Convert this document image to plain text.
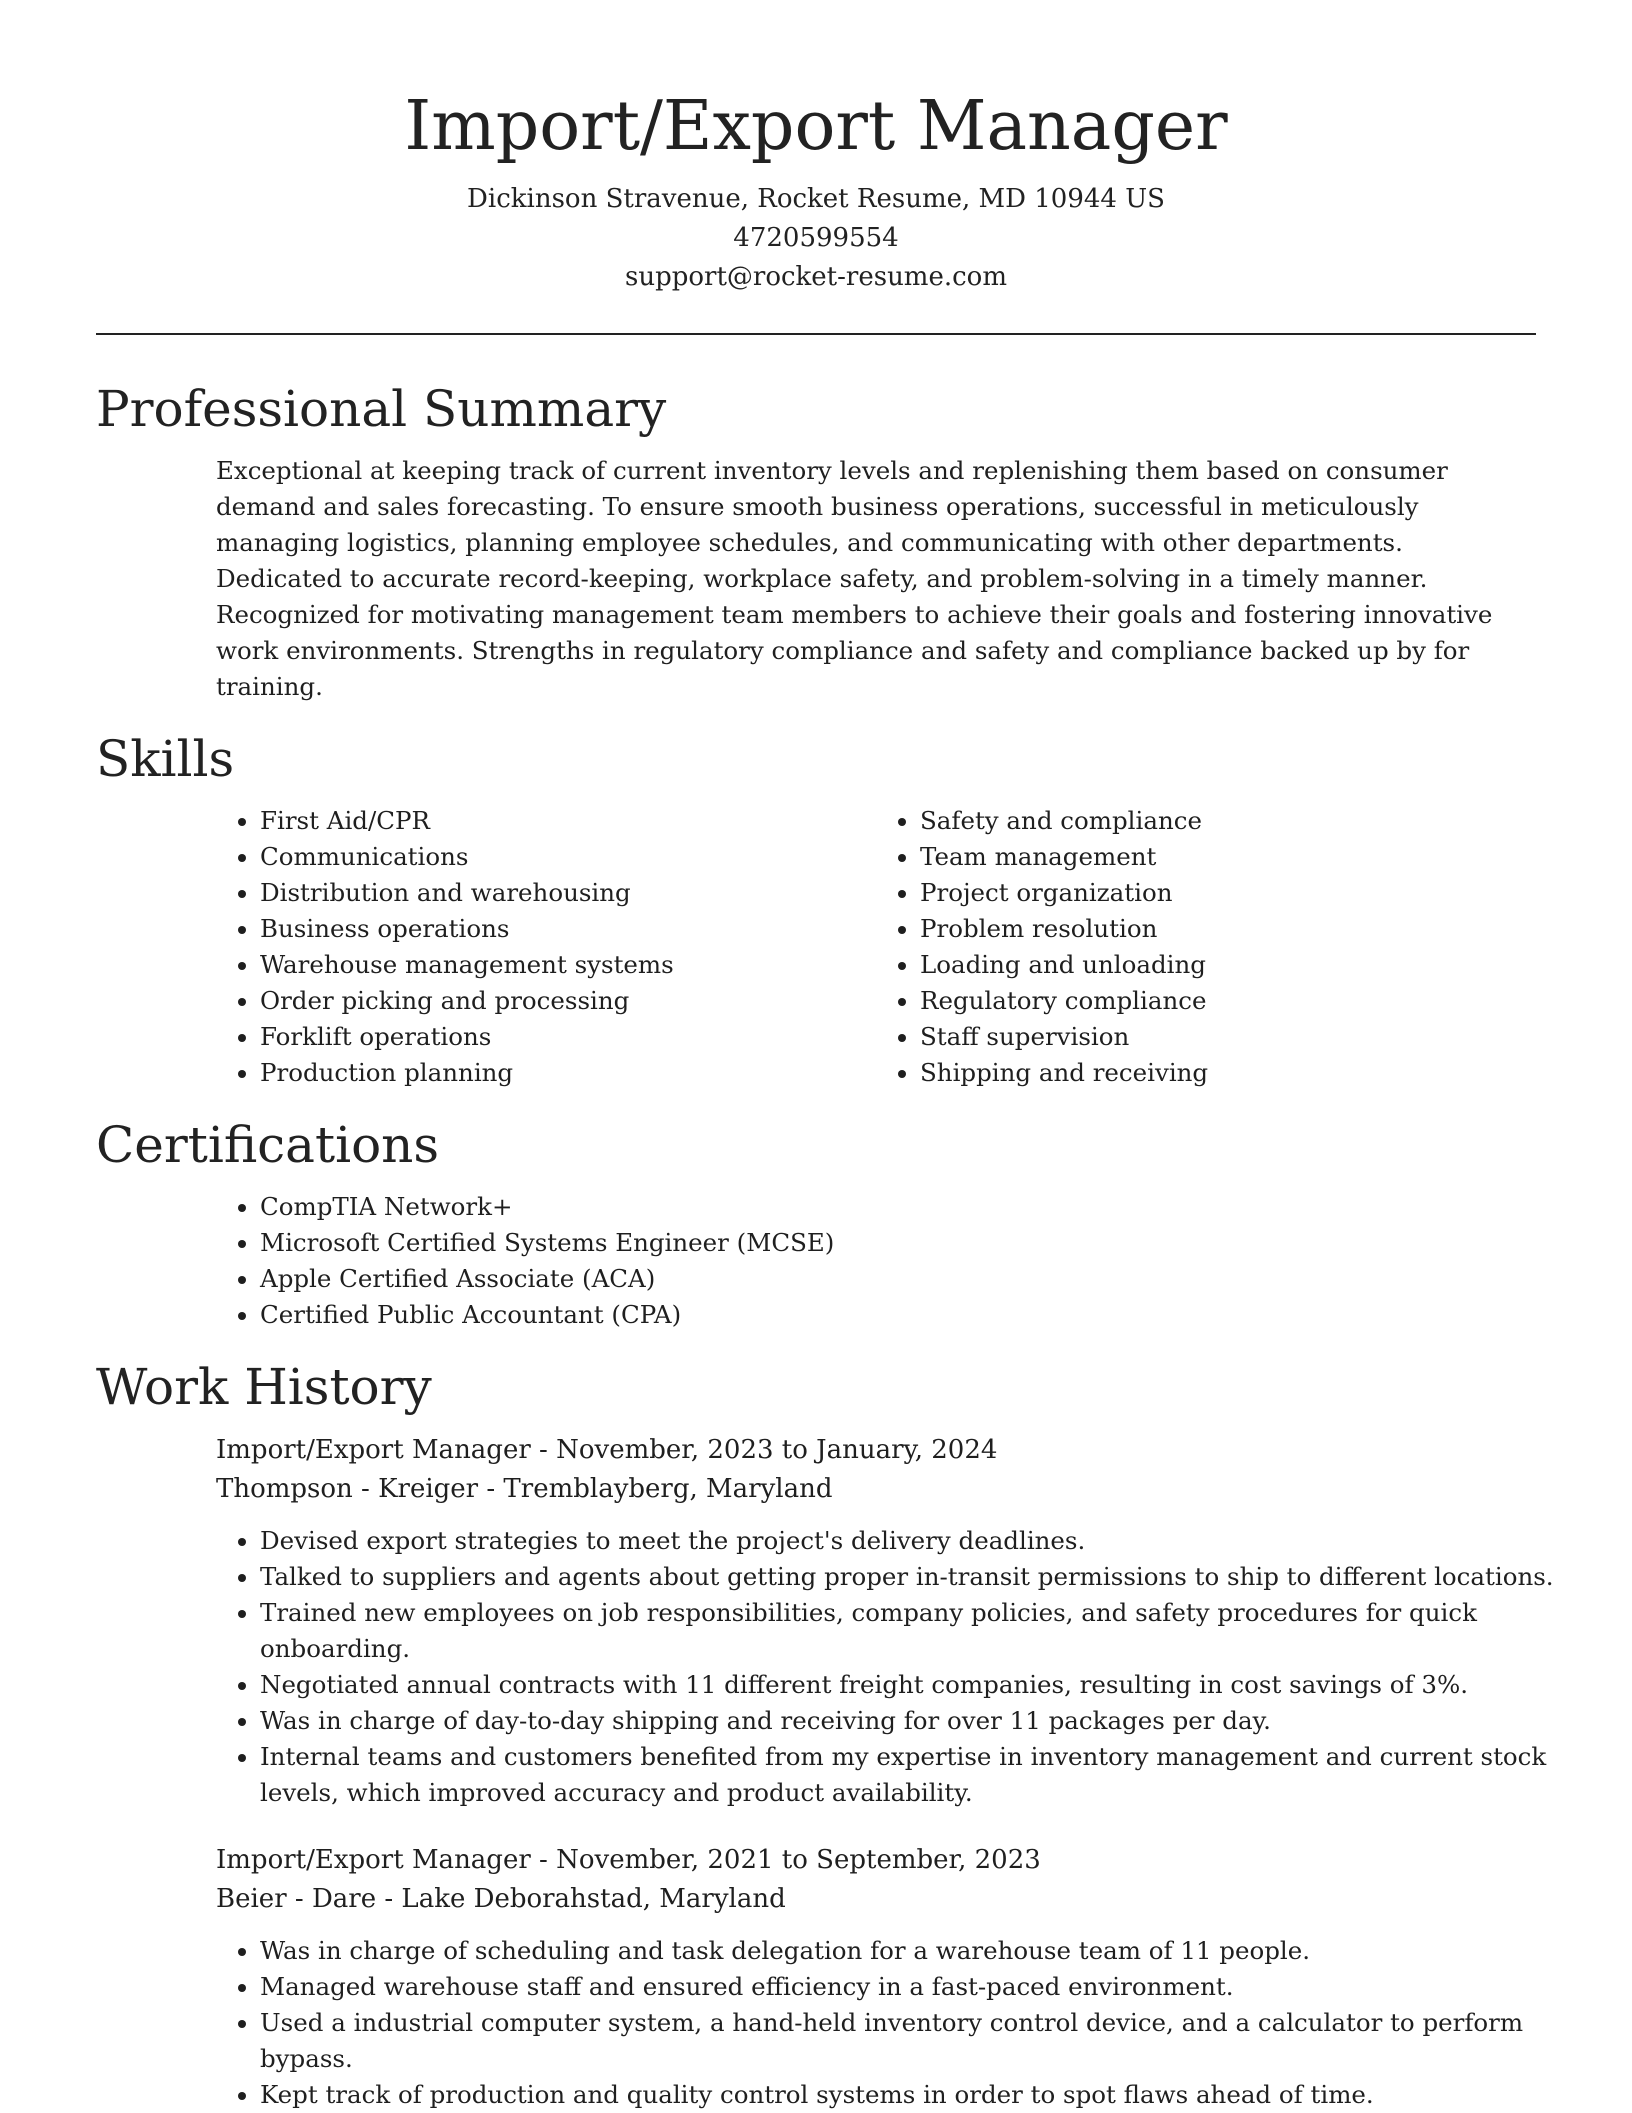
Import/Export Manager
Dickinson Stravenue, Rocket Resume, MD 10944 US
4720599554
support@rocket-resume.com
Professional Summary

Exceptional at keeping track of current inventory levels and replenishing them based on consumer demand and sales forecasting. To ensure smooth business operations, successful in meticulously managing logistics, planning employee schedules, and communicating with other departments. Dedicated to accurate record-keeping, workplace safety, and problem-solving in a timely manner. Recognized for motivating management team members to achieve their goals and fostering innovative work environments. Strengths in regulatory compliance and safety and compliance backed up by for training.

Skills
• First Aid/CPR
• Communications
• Distribution and warehousing
• Business operations
• Warehouse management systems
• Order picking and processing
• Forklift operations
• Production planning
• Safety and compliance
• Team management
• Project organization
• Problem resolution
• Loading and unloading
• Regulatory compliance
• Staff supervision
• Shipping and receiving
Certifications
• CompTIA Network+
• Microsoft Certified Systems Engineer (MCSE)
• Apple Certified Associate (ACA)
• Certified Public Accountant (CPA)
Work History
Import/Export Manager - November, 2023 to January, 2024
Thompson - Kreiger - Tremblayberg, Maryland
• Devised export strategies to meet the project's delivery deadlines.
• Talked to suppliers and agents about getting proper in-transit permissions to ship to different locations.
• Trained new employees on job responsibilities, company policies, and safety procedures for quick onboarding.
• Negotiated annual contracts with 11 different freight companies, resulting in cost savings of 3%.
• Was in charge of day-to-day shipping and receiving for over 11 packages per day.
• Internal teams and customers benefited from my expertise in inventory management and current stock levels, which improved accuracy and product availability.
Import/Export Manager - November, 2021 to September, 2023
Beier - Dare - Lake Deborahstad, Maryland
• Was in charge of scheduling and task delegation for a warehouse team of 11 people.
• Managed warehouse staff and ensured efficiency in a fast-paced environment.
• Used a industrial computer system, a hand-held inventory control device, and a calculator to perform bypass.
• Kept track of production and quality control systems in order to spot flaws ahead of time.
